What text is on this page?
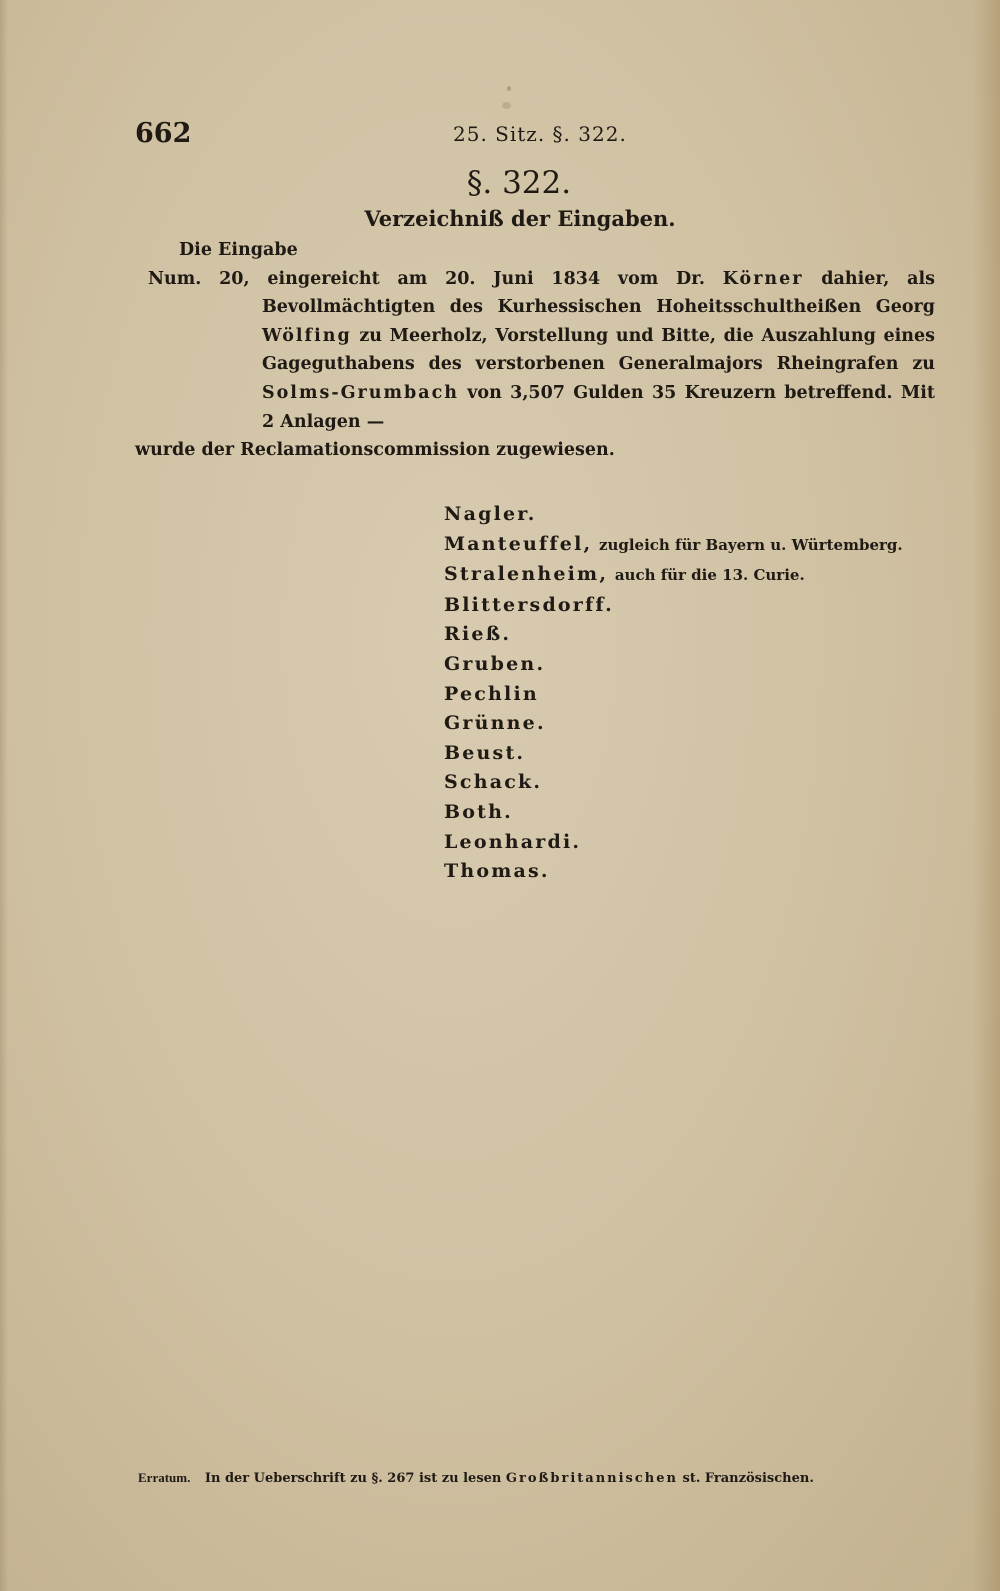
662	25. Sitz. §. 322.
§. 322.
Verzeichniß der Eingaben.
Die Eingabe
Num. 20, eingereicht am 20. Juni 1834 vom Dr. Körner dahier, als Bevollmächtigten des Kurhessischen Hoheitsschultheißen Georg Wölfing zu Meerholz, Vorstellung und Bitte, die Auszahlung eines Gageguthabens des verstorbenen Generalmajors Rheingrafen zu Solms-Grumbach von 3,507 Gulden 35 Kreuzern betreffend. Mit 2 Anlagen —
wurde der Reclamationscommission zugewiesen.
Nagler.
Manteuffel, zugleich für Bayern u. Würtemberg.
Stralenheim, auch für die 13. Curie.
Blittersdorff.
Rieß.
Gruben.
Pechlin
Grünne.
Beust.
Schack.
Both.
Leonhardi.
Thomas.
Erratum. In der Ueberschrift zu §. 267 ist zu lesen Großbritannischen st. Französischen.
